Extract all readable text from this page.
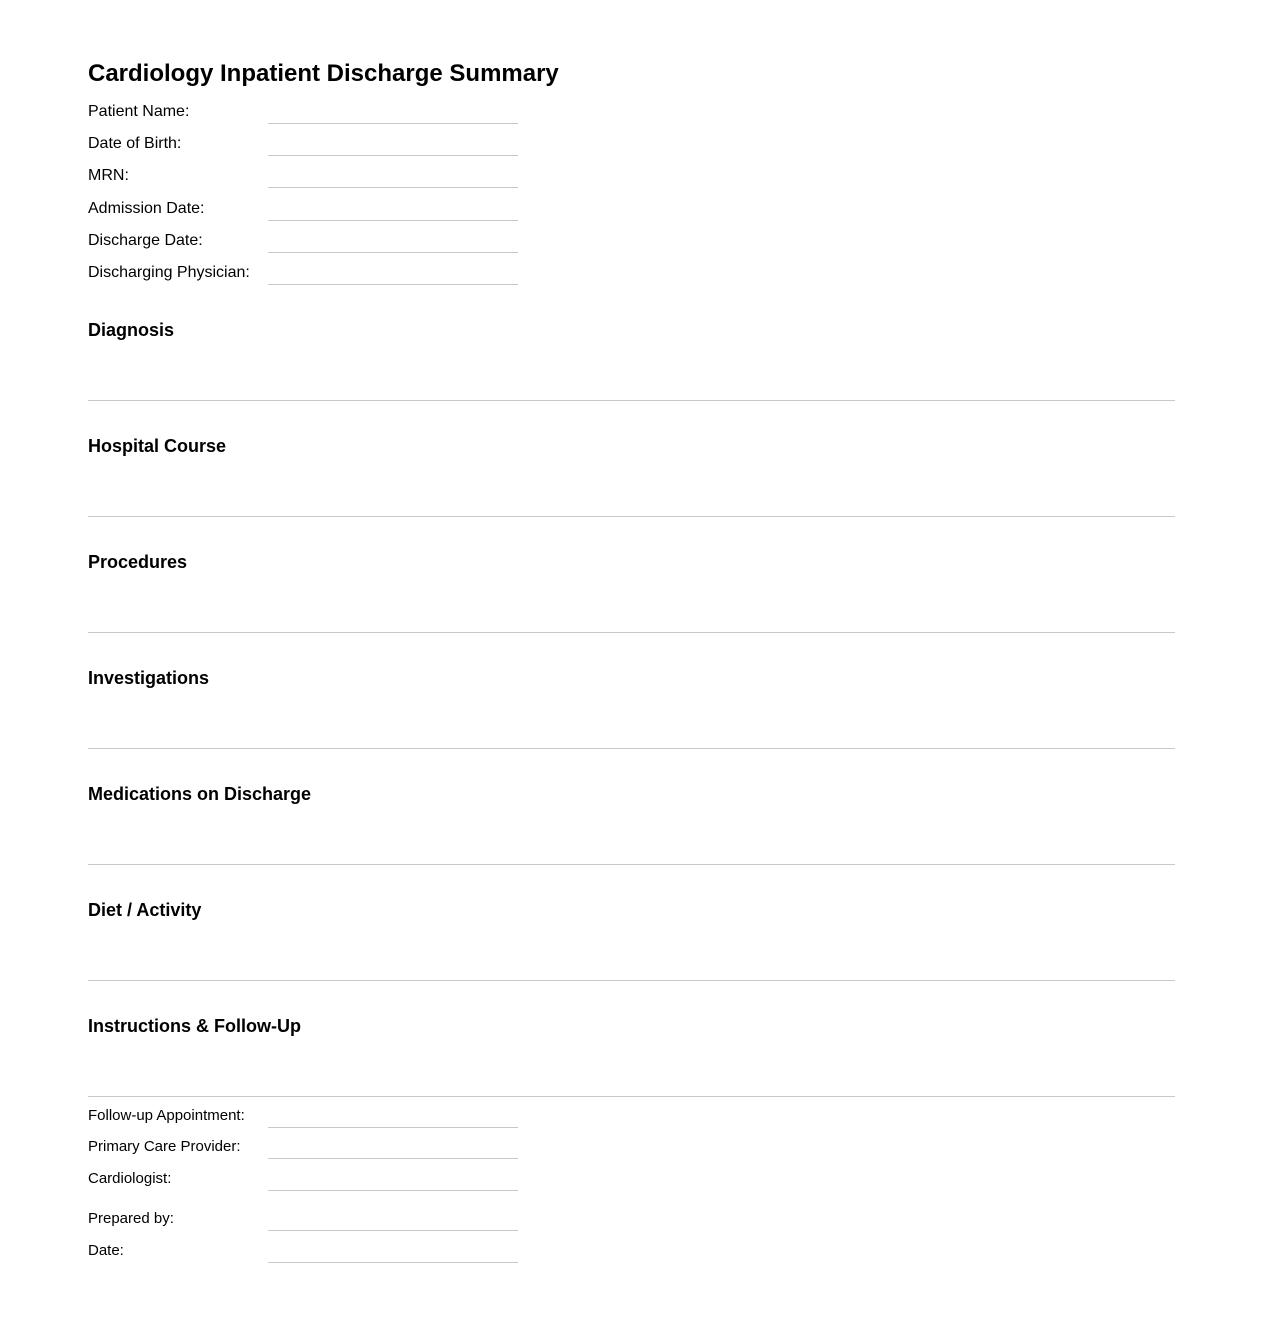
Cardiology Inpatient Discharge Summary
Patient Name:
Date of Birth:
MRN:
Admission Date:
Discharge Date:
Discharging Physician:
Diagnosis
Hospital Course
Procedures
Investigations
Medications on Discharge
Diet / Activity
Instructions & Follow-Up
Follow-up Appointment:
Primary Care Provider:
Cardiologist:
Prepared by:
Date:
